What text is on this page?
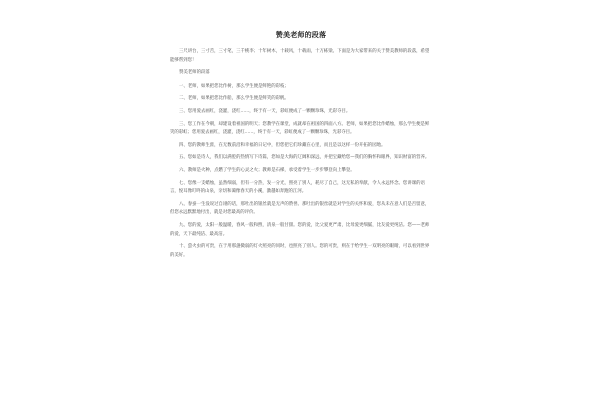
赞美老师的段落

三尺讲台，三寸舌，三寸笔，三千桃李；十年树木，十载风，十载雨，十万栋梁。下面是为大家带来的关于赞美教师的段落，希望能够帮到您！

赞美老师的段落

一、老师，如果把您比作树，那么学生便是鲜艳的彩枝；

二、老师，如果把您比作船，那么学生便是鲜笑的彩帆。

三、您用爱去画红，浇灌，浇红……，终于有一天，彩虹便成了一颗颗珍珠，光彩夺目。

三、您工作在今朝，却建设着祖国的明天；您教学在课堂，成就却在祖国的四面八方。老师，如果把您比作蜡烛，那么学生便是鲜笑的彩虹；您用爱去画红，浇灌，浇红……，终于有一天，彩虹便成了一颗颗珍珠，光彩夺目。

四、您的教师生涯，在无数前沿和幸福的日记中，但您把它们珍藏在心里，而且是以这样一份开拓的园地。

五、您如是诗人，我们以满腔的热情写下诗篇，您如是大海的辽阔和深远，并把宝藏给您—我们的胸怀和眼界，知识财富的营养。

六、教师是火种，点燃了学生的心灵之火；教师是石梯，承受着学生一步步攀登向上攀登。

七、您像一支蜡烛，虽然细弱，但有一分热，发一分光，照亮了别人，耗尽了自己，这无私的奉献，令人永远怀念。您讲课的语言，悦耳像叮咚的山泉，亲切和蔼像春天的小溪，激越如奔跑的江河。

八、春蚕一生没说过自诩的话，那吐出的银丝就是无声的赞誉。那吐出的银丝就是对学生的关怀和爱，您从未在意人们是否留意，但您永远默默地付出，就是对您最高的评价。

九、您的爱，太阳一般温暖，春风一般和煦，清泉一般甘甜。您的爱，比父爱更严肃，比母爱更细腻，比友爱更纯洁。您——老师的爱，天下最纯洁、最高洁。

十、萤火虫的可贵，在于用那盏微弱的灯火照亮的同时，也照亮了别人。您的可贵，则在于给学生一双明亮的眼睛，可以看到世界的美好。
